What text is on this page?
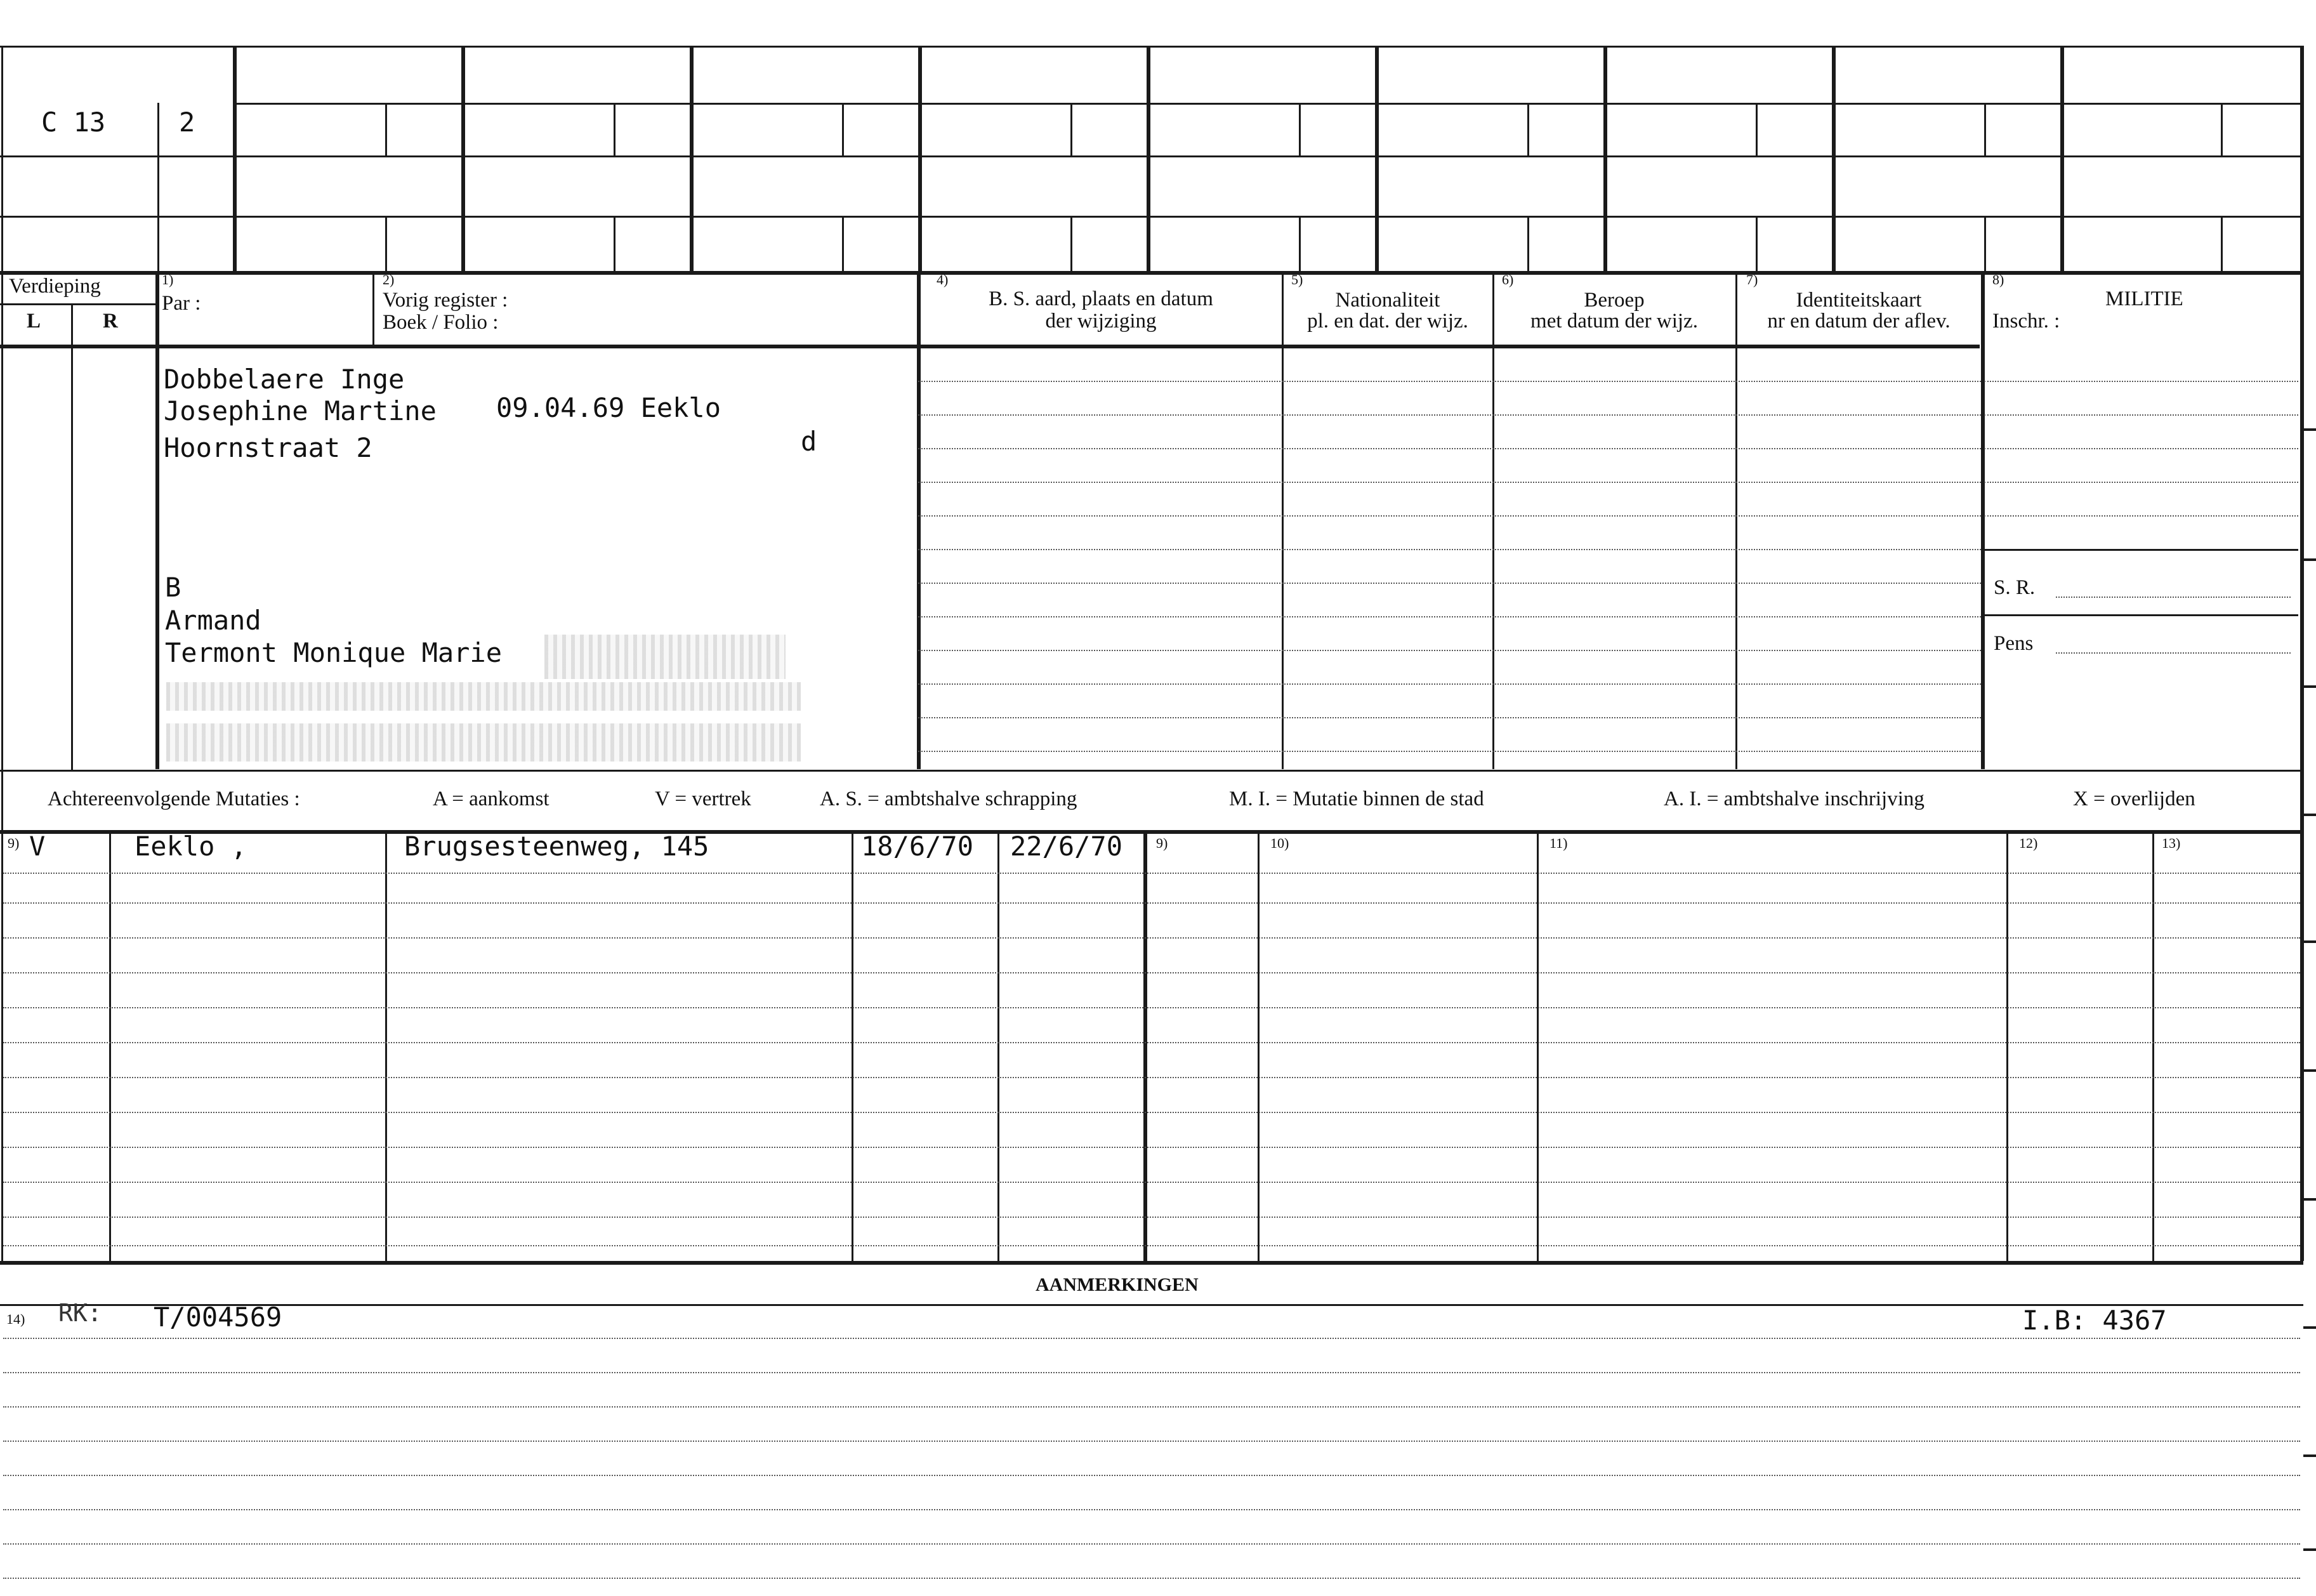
C 13	2
Verdieping
L	R
1)
Par :
2)
Vorig register :
Boek / Folio :
4)
B. S. aard, plaats en datum
der wijziging
5)
Nationaliteit
pl. en dat. der wijz.
6)
Beroep
met datum der wijz.
7)
Identiteitskaart
nr en datum der aflev.
8)
MILITIE
Inschr. :
Dobbelaere Inge
Josephine Martine 09.04.69 Eeklo
Hoornstraat 2	d
B
Armand
Termont Monique Marie
S. R.
Pens
Achtereenvolgende Mutaties :	A = aankomst	V = vertrek	A. S. = ambtshalve schrapping	M. I. = Mutatie binnen de stad	A. I. = ambtshalve inschrijving	X = overlijden
9)	9)	10)	11)	12)	13)
V	Eeklo ,	Brugsesteenweg, 145	18/6/70 22/6/70
AANMERKINGEN
14) RK: T/004569	I.B: 4367
